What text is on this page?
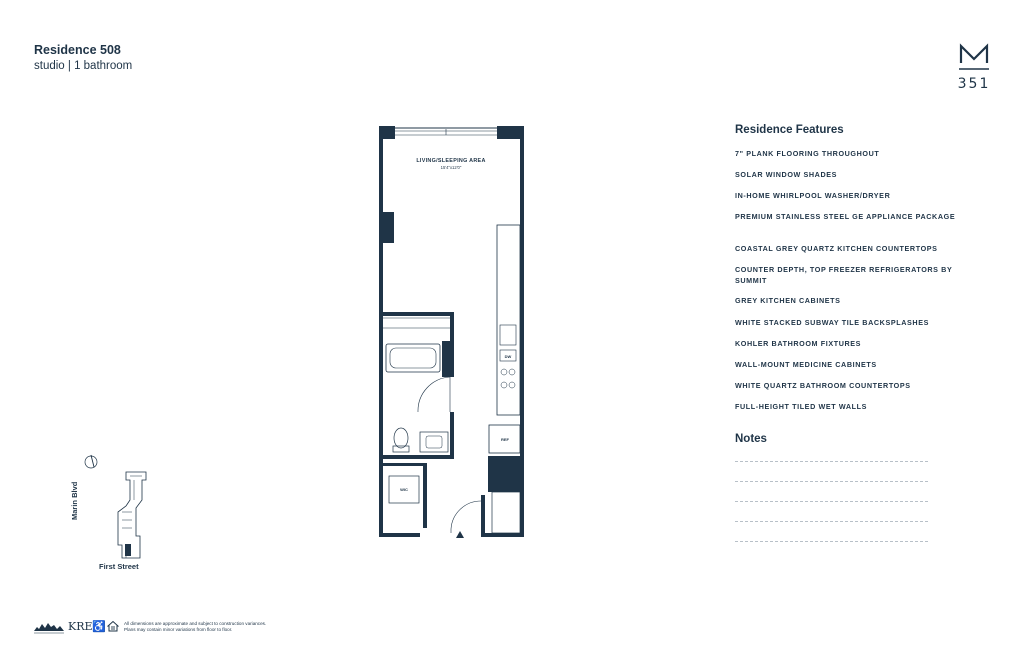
Residence 508
studio | 1 bathroom
351
LIVING/SLEEPING AREA
15'4"x12'0"
DW
REF
WIC
Residence Features
7" PLANK FLOORING THROUGHOUT
SOLAR WINDOW SHADES
IN-HOME WHIRLPOOL WASHER/DRYER
PREMIUM STAINLESS STEEL GE APPLIANCE PACKAGE
COASTAL GREY QUARTZ KITCHEN COUNTERTOPS
COUNTER DEPTH, TOP FREEZER REFRIGERATORS BY SUMMIT
GREY KITCHEN CABINETS
WHITE STACKED SUBWAY TILE BACKSPLASHES
KOHLER BATHROOM FIXTURES
WALL-MOUNT MEDICINE CABINETS
WHITE QUARTZ BATHROOM COUNTERTOPS
FULL-HEIGHT TILED WET WALLS
Notes
Marin Blvd
First Street
KRE ♿	All dimensions are approximate and subject to construction variances.
Plans may contain minor variations from floor to floor.
